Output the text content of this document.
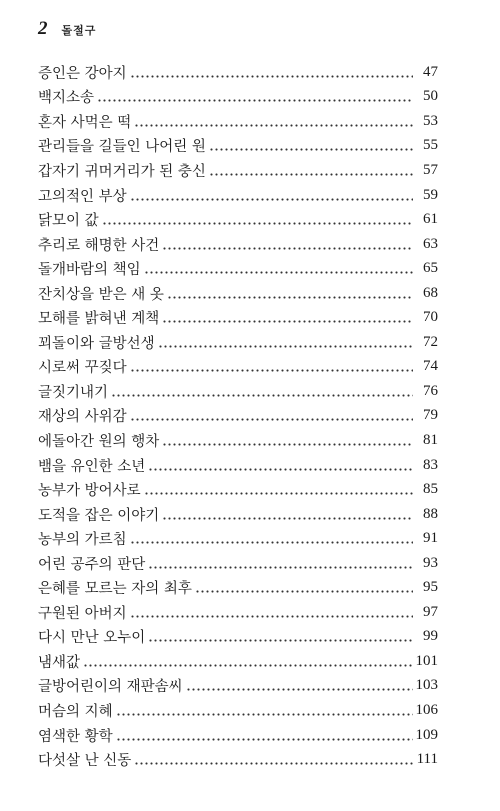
2 돌절구
증인은 강아지	47
백지소송	50
혼자 사먹은 떡	53
관리들을 길들인 나어린 원	55
갑자기 귀머거리가 된 충신	57
고의적인 부상	59
닭모이 값	61
추리로 해명한 사건	63
돌개바람의 책임	65
잔치상을 받은 새 옷	68
모해를 밝혀낸 계책	70
꾀돌이와 글방선생	72
시로써 꾸짖다	74
글짓기내기	76
재상의 사위감	79
에돌아간 원의 행차	81
뱀을 유인한 소년	83
농부가 방어사로	85
도적을 잡은 이야기	88
농부의 가르침	91
어린 공주의 판단	93
은혜를 모르는 자의 최후	95
구원된 아버지	97
다시 만난 오누이	99
냄새값	101
글방어린이의 재판솜씨	103
머슴의 지혜	106
염색한 황학	109
다섯살 난 신동	111
